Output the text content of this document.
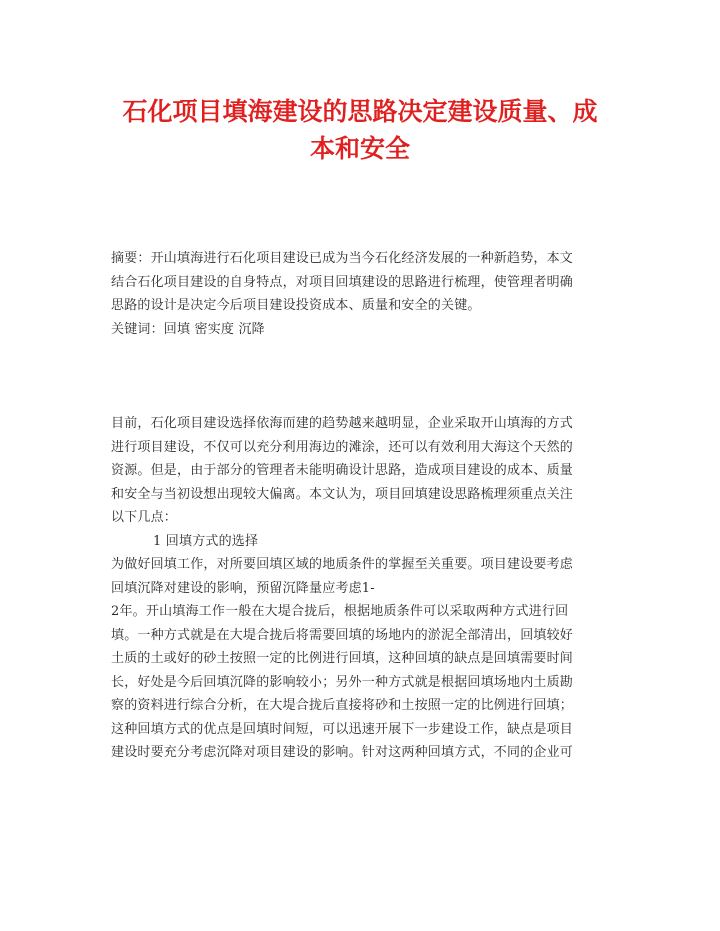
石化项目填海建设的思路决定建设质量、成
本和安全
摘要：开山填海进行石化项目建设已成为当今石化经济发展的一种新趋势，本文
结合石化项目建设的自身特点，对项目回填建设的思路进行梳理，使管理者明确
思路的设计是决定今后项目建设投资成本、质量和安全的关键。
关键词：回填 密实度 沉降
目前，石化项目建设选择依海而建的趋势越来越明显，企业采取开山填海的方式
进行项目建设，不仅可以充分利用海边的滩涂，还可以有效利用大海这个天然的
资源。但是，由于部分的管理者未能明确设计思路，造成项目建设的成本、质量
和安全与当初设想出现较大偏离。本文认为，项目回填建设思路梳理须重点关注
以下几点：
1 回填方式的选择
为做好回填工作，对所要回填区域的地质条件的掌握至关重要。项目建设要考虑
回填沉降对建设的影响，预留沉降量应考虑1-
2年。开山填海工作一般在大堤合拢后，根据地质条件可以采取两种方式进行回
填。一种方式就是在大堤合拢后将需要回填的场地内的淤泥全部清出，回填较好
土质的土或好的砂土按照一定的比例进行回填，这种回填的缺点是回填需要时间
长，好处是今后回填沉降的影响较小；另外一种方式就是根据回填场地内土质勘
察的资料进行综合分析，在大堤合拢后直接将砂和土按照一定的比例进行回填；
这种回填方式的优点是回填时间短，可以迅速开展下一步建设工作，缺点是项目
建设时要充分考虑沉降对项目建设的影响。针对这两种回填方式，不同的企业可
